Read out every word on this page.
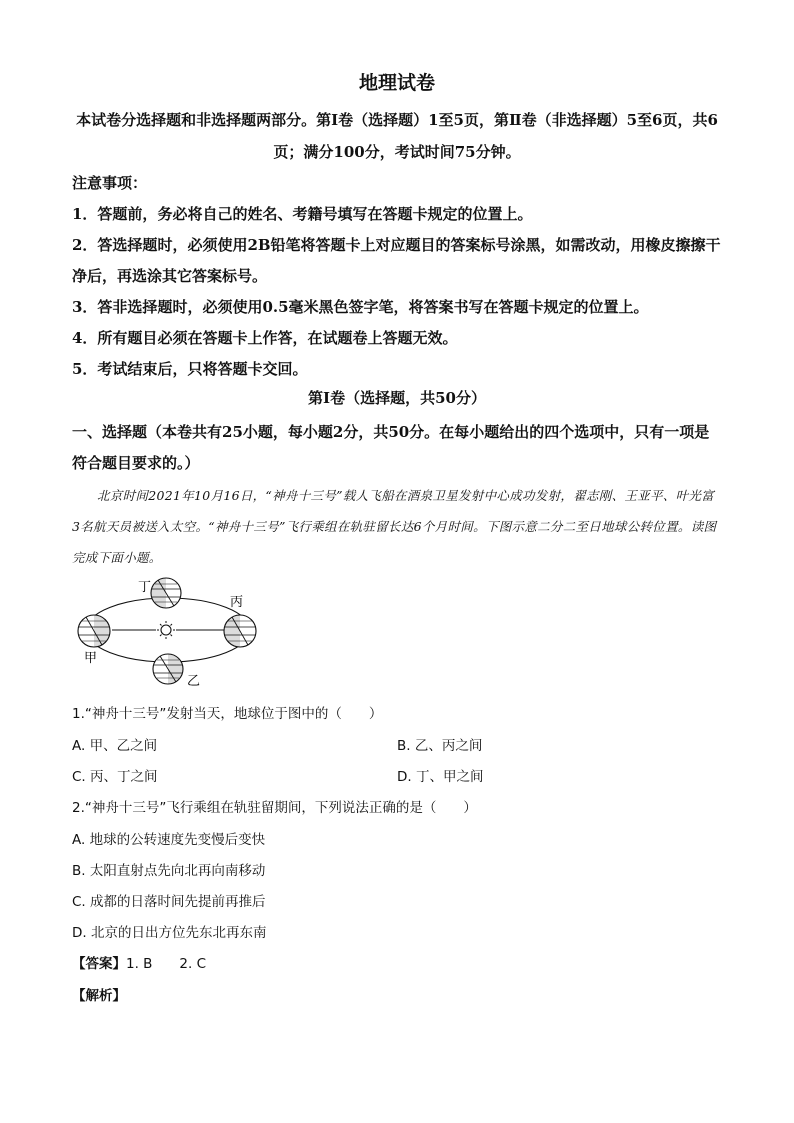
地理试卷
本试卷分选择题和非选择题两部分。第Ⅰ卷（选择题）1至5页，第Ⅱ卷（非选择题）5至6页，共6页；满分100分，考试时间75分钟。

注意事项：

1．答题前，务必将自己的姓名、考籍号填写在答题卡规定的位置上。

2．答选择题时，必须使用2B铅笔将答题卡上对应题目的答案标号涂黑，如需改动，用橡皮擦擦干净后，再选涂其它答案标号。

3．答非选择题时，必须使用0.5毫米黑色签字笔，将答案书写在答题卡规定的位置上。

4．所有题目必须在答题卡上作答，在试题卷上答题无效。

5．考试结束后，只将答题卡交回。

第Ⅰ卷（选择题，共50分）
一、选择题（本卷共有25小题，每小题2分，共50分。在每小题给出的四个选项中，只有一项是符合题目要求的。）
北京时间2021年10月16日，“神舟十三号”载人飞船在酒泉卫星发射中心成功发射，翟志刚、王亚平、叶光富3名航天员被送入太空。“神舟十三号”飞行乘组在轨驻留长达6个月时间。下图示意二分二至日地球公转位置。读图完成下面小题。
丁
丙
甲
乙
1.“神舟十三号”发射当天，地球位于图中的（　　）
A. 甲、乙之间	B. 乙、丙之间
C. 丙、丁之间	D. 丁、甲之间
2.“神舟十三号”飞行乘组在轨驻留期间，下列说法正确的是（　　）
A. 地球的公转速度先变慢后变快
B. 太阳直射点先向北再向南移动
C. 成都的日落时间先提前再推后
D. 北京的日出方位先东北再东南
【答案】1. B　　2. C
【解析】
